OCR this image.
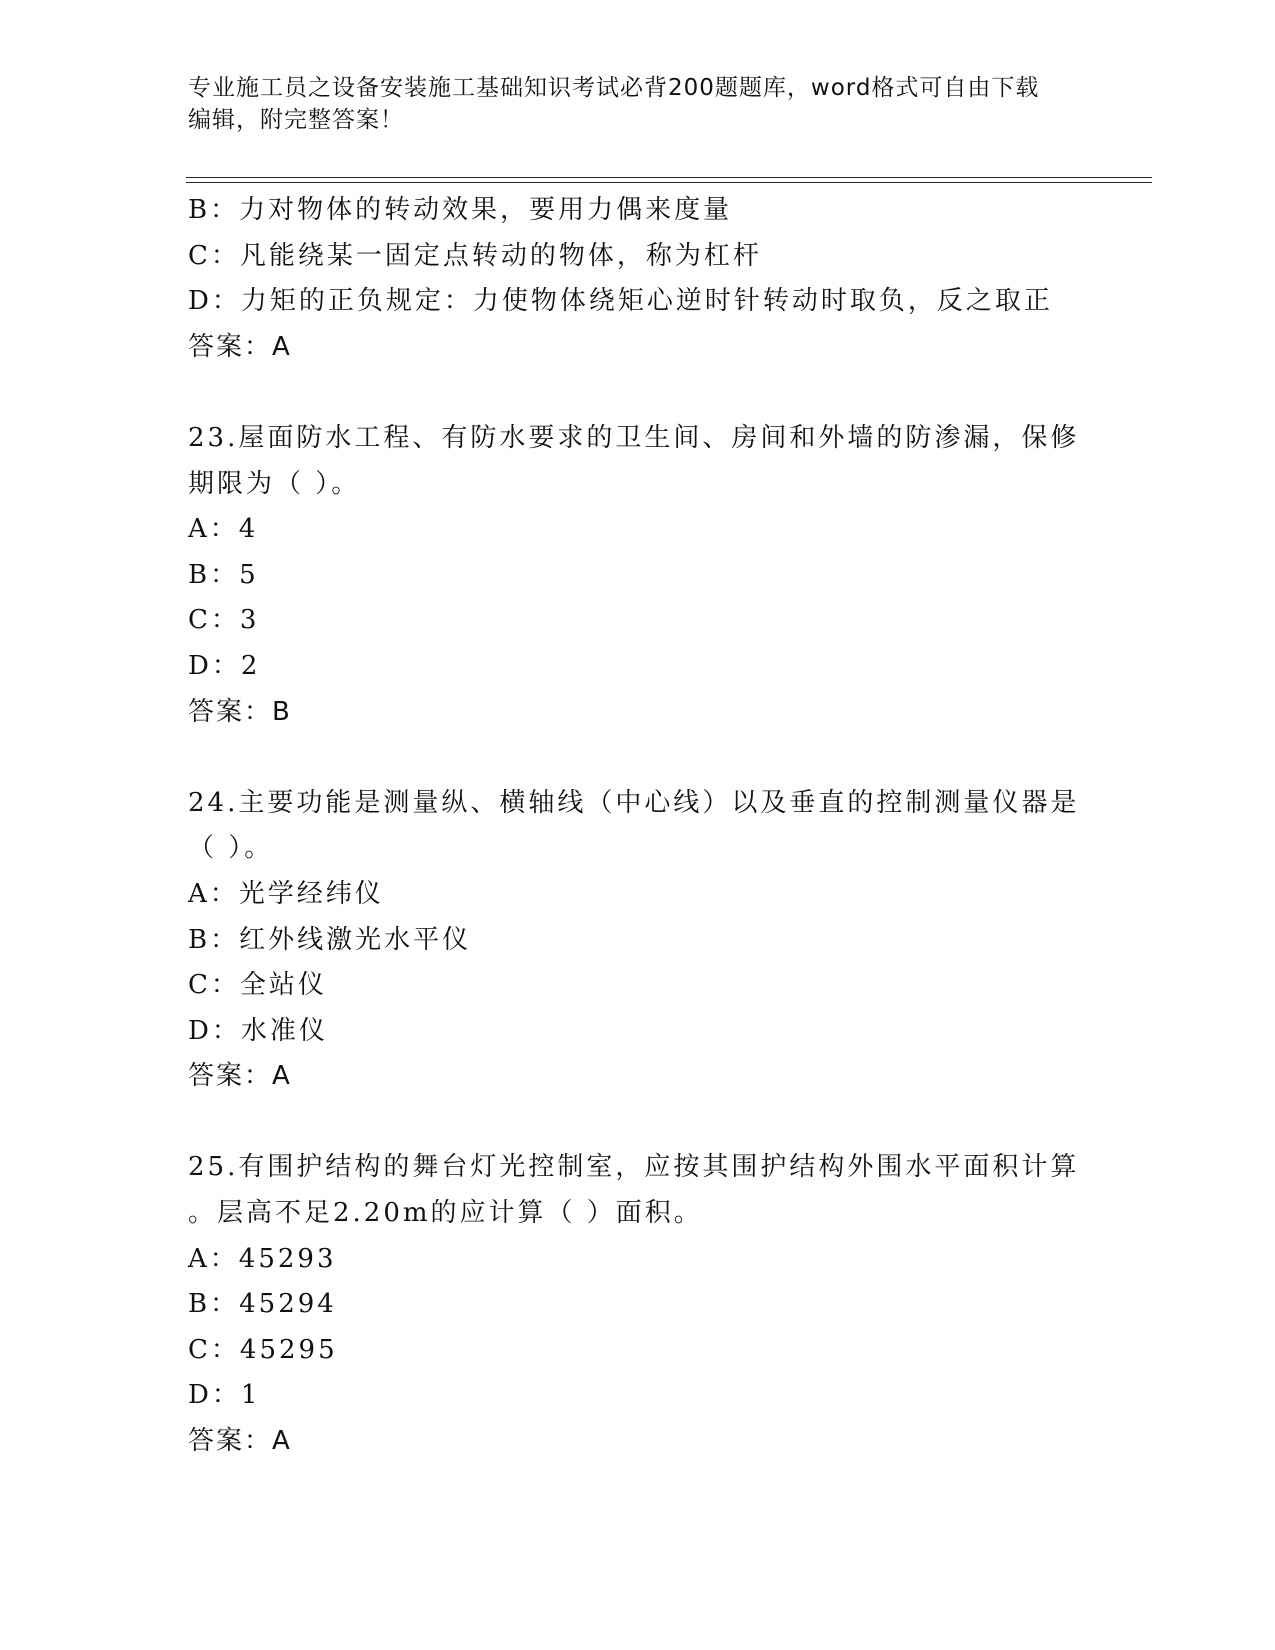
专业施工员之设备安装施工基础知识考试必背200题题库，word格式可自由下载
编辑，附完整答案！
B：力对物体的转动效果，要用力偶来度量
C：凡能绕某一固定点转动的物体，称为杠杆
D：力矩的正负规定：力使物体绕矩心逆时针转动时取负，反之取正
答案：A
23.屋面防水工程、有防水要求的卫生间、房间和外墙的防渗漏，保修
期限为（ ）。
A：4
B：5
C：3
D：2
答案：B
24.主要功能是测量纵、横轴线（中心线）以及垂直的控制测量仪器是
（ ）。
A：光学经纬仪
B：红外线激光水平仪
C：全站仪
D：水准仪
答案：A
25.有围护结构的舞台灯光控制室，应按其围护结构外围水平面积计算
。层高不足2.20m的应计算（ ）面积。
A：45293
B：45294
C：45295
D：1
答案：A
